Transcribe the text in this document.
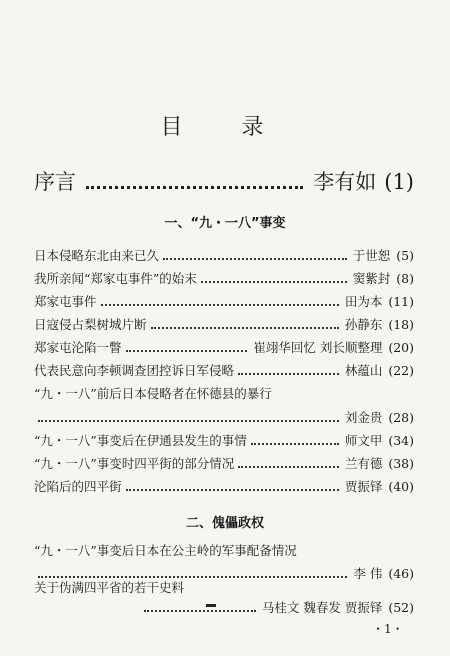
目 录
序言	李有如 (1)
一、“九・一八”事变
日本侵略东北由来已久	于世恕 (5)
我所亲闻“郑家屯事件”的始末	窦紫封 (8)
郑家屯事件	田为本 (11)
日寇侵占梨树城片断	孙静东 (18)
郑家屯沦陷一瞥	崔翊华回忆 刘长顺整理 (20)
代表民意向李顿调查团控诉日军侵略	林蕴山 (22)
“九・一八”前后日本侵略者在怀德县的暴行
刘金贵 (28)
“九・一八”事变后在伊通县发生的事情	师文甲 (34)
“九・一八”事变时四平街的部分情况	兰有德 (38)
沦陷后的四平街	贾振铎 (40)
二、傀儡政权
“九・一八”事变后日本在公主岭的军事配备情况
李 伟 (46)
关于伪满四平省的若干史料
马桂文 魏春发 贾振铎 (52)
・1・
